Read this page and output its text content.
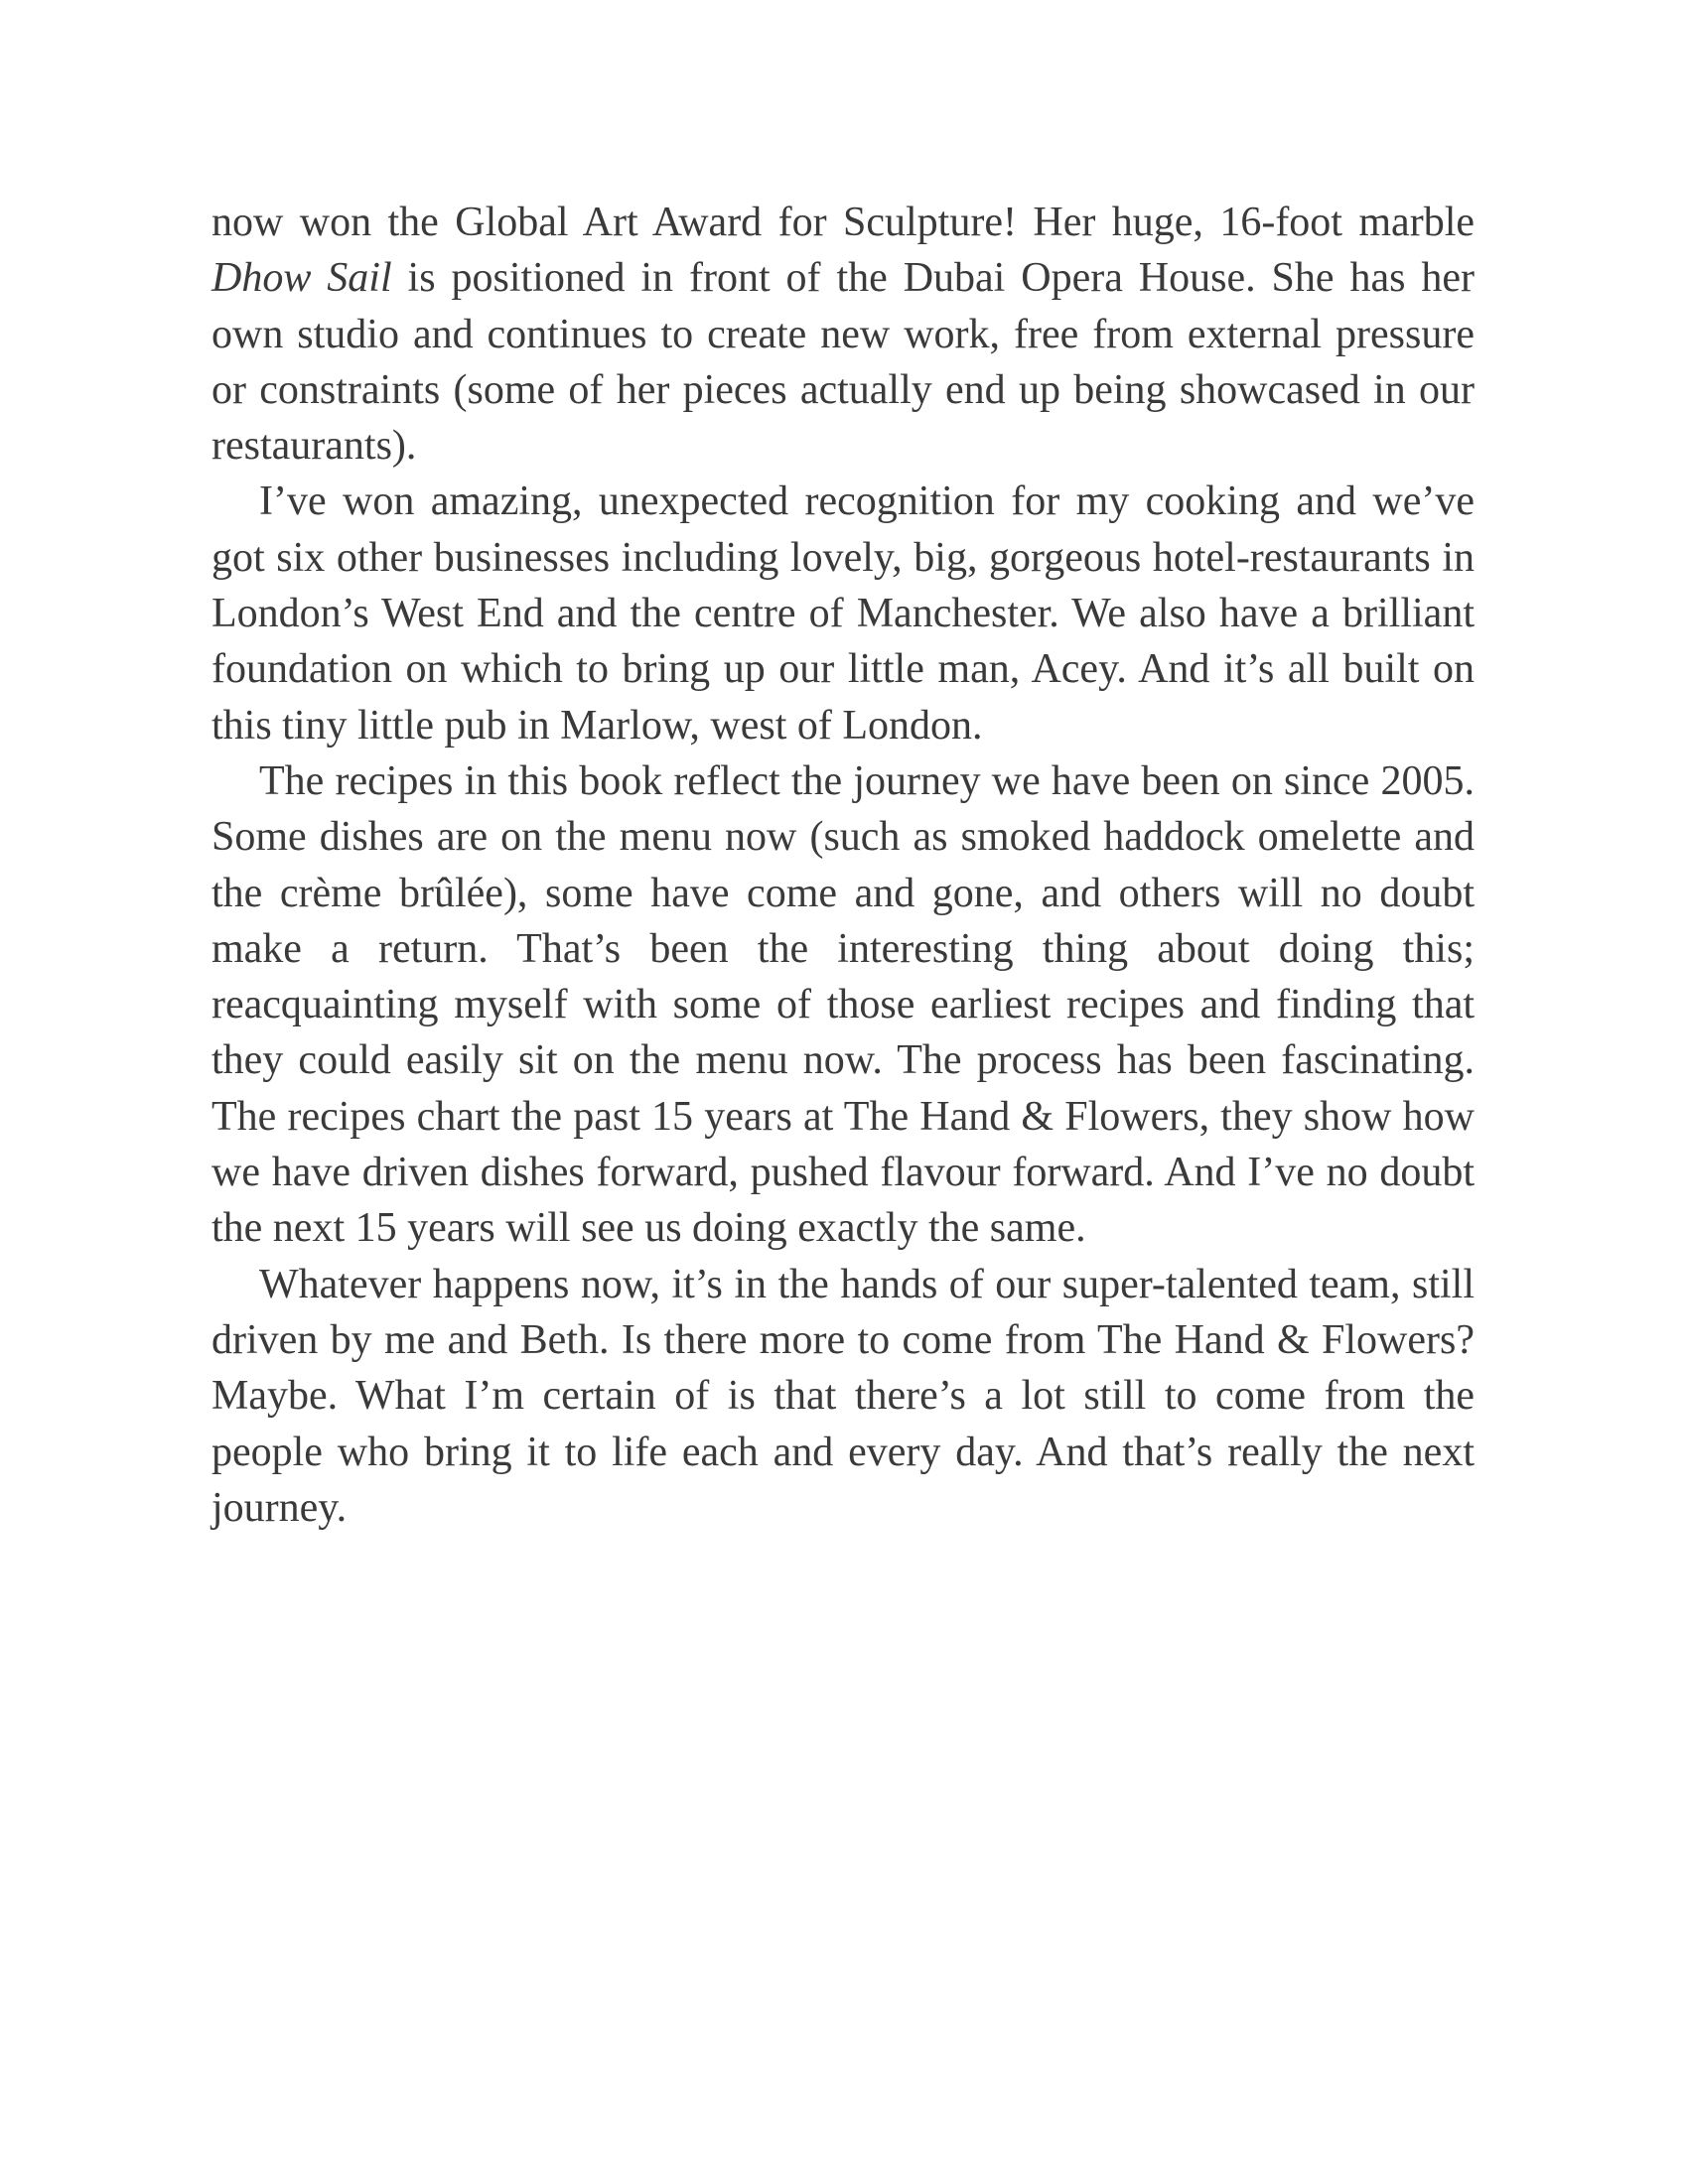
now won the Global Art Award for Sculpture! Her huge, 16-foot marble Dhow Sail is positioned in front of the Dubai Opera House. She has her own studio and continues to create new work, free from external pressure or constraints (some of her pieces actually end up being showcased in our restaurants).

I’ve won amazing, unexpected recognition for my cooking and we’ve got six other businesses including lovely, big, gorgeous hotel-restaurants in London’s West End and the centre of Manchester. We also have a brilliant foundation on which to bring up our little man, Acey. And it’s all built on this tiny little pub in Marlow, west of London.

The recipes in this book reflect the journey we have been on since 2005. Some dishes are on the menu now (such as smoked haddock omelette and the crème brûlée), some have come and gone, and others will no doubt make a return. That’s been the interesting thing about doing this; reacquainting myself with some of those earliest recipes and finding that they could easily sit on the menu now. The process has been fascinating. The recipes chart the past 15 years at The Hand & Flowers, they show how we have driven dishes forward, pushed flavour forward. And I’ve no doubt the next 15 years will see us doing exactly the same.

Whatever happens now, it’s in the hands of our super-talented team, still driven by me and Beth. Is there more to come from The Hand & Flowers? Maybe. What I’m certain of is that there’s a lot still to come from the people who bring it to life each and every day. And that’s really the next journey.
